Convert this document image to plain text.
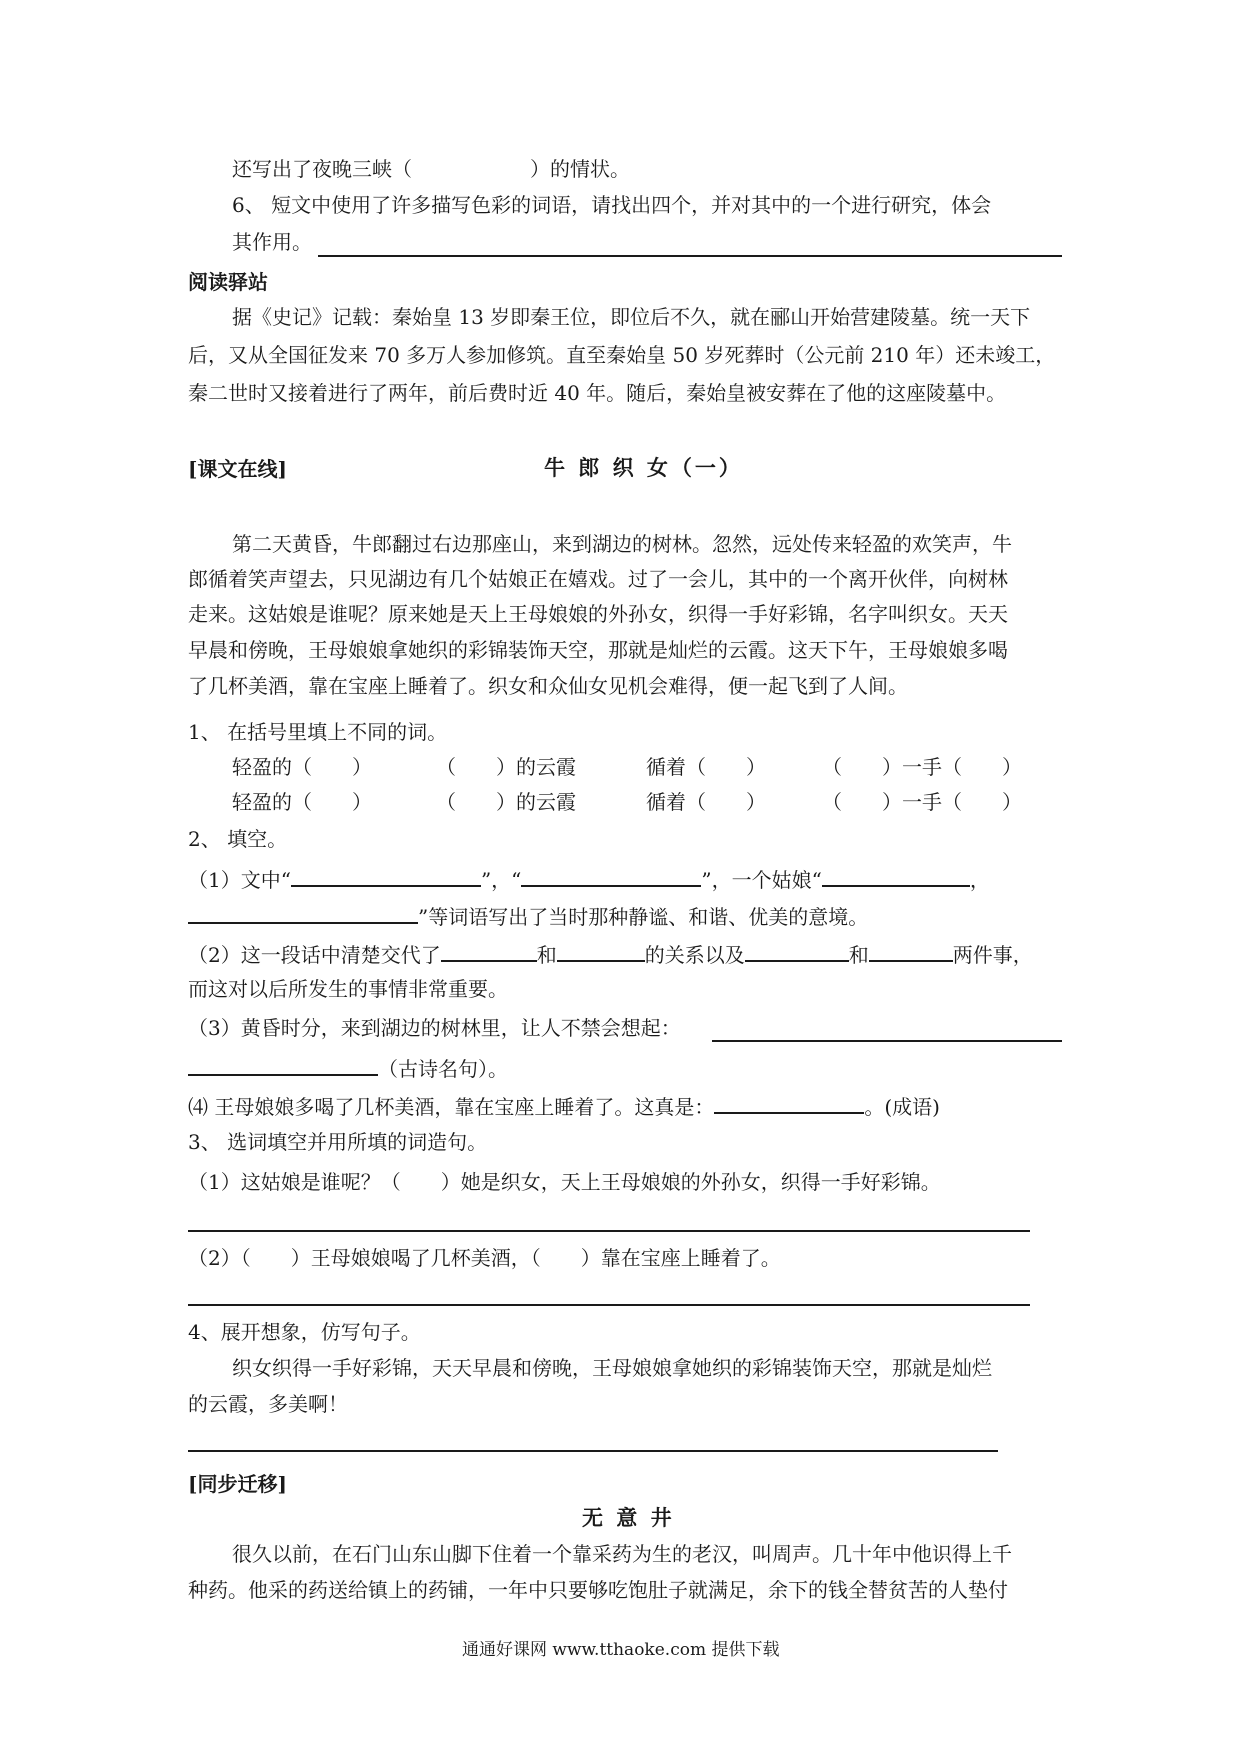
还写出了夜晚三峡（	）的情状。
6、 短文中使用了许多描写色彩的词语，请找出四个，并对其中的一个进行研究，体会
其作用。
阅读驿站
据《史记》记载：秦始皇 13 岁即秦王位，即位后不久，就在郦山开始营建陵墓。统一天下
后，又从全国征发来 70 多万人参加修筑。直至秦始皇 50 岁死葬时（公元前 210 年）还未竣工，
秦二世时又接着进行了两年，前后费时近 40 年。随后，秦始皇被安葬在了他的这座陵墓中。
[课文在线]	牛 郎 织 女（一）
第二天黄昏，牛郎翻过右边那座山，来到湖边的树林。忽然，远处传来轻盈的欢笑声，牛
郎循着笑声望去，只见湖边有几个姑娘正在嬉戏。过了一会儿，其中的一个离开伙伴，向树林
走来。这姑娘是谁呢？原来她是天上王母娘娘的外孙女，织得一手好彩锦，名字叫织女。天天
早晨和傍晚，王母娘娘拿她织的彩锦装饰天空，那就是灿烂的云霞。这天下午，王母娘娘多喝
了几杯美酒，靠在宝座上睡着了。织女和众仙女见机会难得，便一起飞到了人间。
1、 在括号里填上不同的词。
轻盈的（　　）	（　　）的云霞	循着（　　）	（　　）一手（　　）
轻盈的（　　）	（　　）的云霞	循着（　　）	（　　）一手（　　）
2、 填空。
（1）文中“	”，“	”，一个姑娘“	，
”等词语写出了当时那种静谧、和谐、优美的意境。
（2）这一段话中清楚交代了	和	的关系以及	和	两件事，
而这对以后所发生的事情非常重要。
（3）黄昏时分，来到湖边的树林里，让人不禁会想起：
（古诗名句）。
⑷ 王母娘娘多喝了几杯美酒，靠在宝座上睡着了。这真是：	。(成语)
3、 选词填空并用所填的词造句。
（1）这姑娘是谁呢？（　　）她是织女，天上王母娘娘的外孙女，织得一手好彩锦。
（2）（　　）王母娘娘喝了几杯美酒，（　　）靠在宝座上睡着了。
4、展开想象，仿写句子。
织女织得一手好彩锦，天天早晨和傍晚，王母娘娘拿她织的彩锦装饰天空，那就是灿烂
的云霞，多美啊！
[同步迁移]
无 意 井
很久以前，在石门山东山脚下住着一个靠采药为生的老汉，叫周声。几十年中他识得上千
种药。他采的药送给镇上的药铺，一年中只要够吃饱肚子就满足，余下的钱全替贫苦的人垫付
通通好课网 www.tthaoke.com 提供下载
